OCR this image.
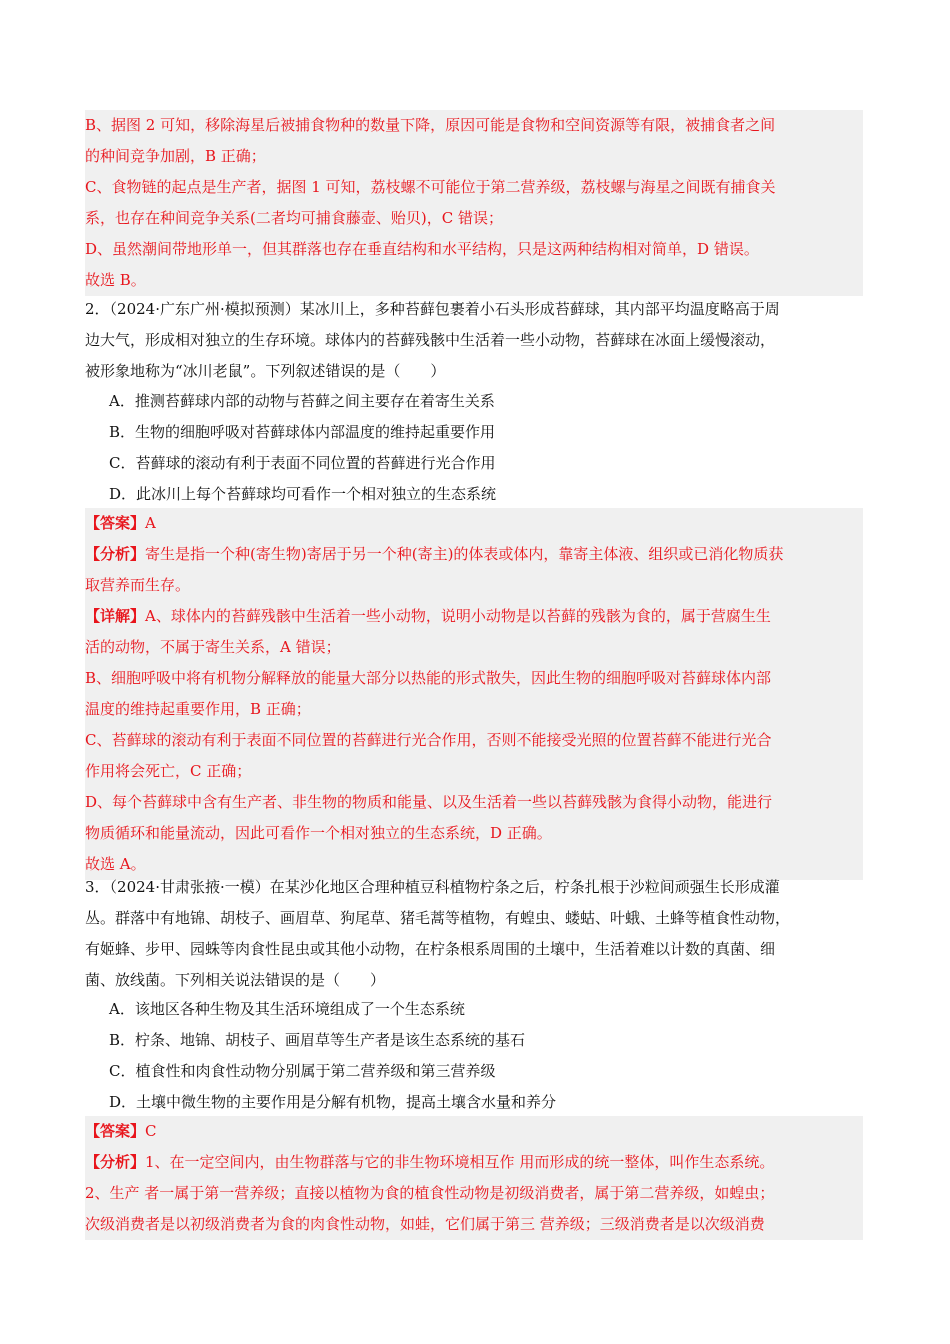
B、据图 2 可知，移除海星后被捕食物种的数量下降，原因可能是食物和空间资源等有限，被捕食者之间
的种间竞争加剧，B 正确；
C、食物链的起点是生产者，据图 1 可知，荔枝螺不可能位于第二营养级，荔枝螺与海星之间既有捕食关
系，也存在种间竞争关系(二者均可捕食藤壶、贻贝)，C 错误；
D、虽然潮间带地形单一，但其群落也存在垂直结构和水平结构，只是这两种结构相对简单，D 错误。
故选 B。
2．（2024·广东广州·模拟预测）某冰川上，多种苔藓包裹着小石头形成苔藓球，其内部平均温度略高于周
边大气，形成相对独立的生存环境。球体内的苔藓残骸中生活着一些小动物，苔藓球在冰面上缓慢滚动，
被形象地称为“冰川老鼠”。下列叙述错误的是（　　）
A．推测苔藓球内部的动物与苔藓之间主要存在着寄生关系
B．生物的细胞呼吸对苔藓球体内部温度的维持起重要作用
C．苔藓球的滚动有利于表面不同位置的苔藓进行光合作用
D．此冰川上每个苔藓球均可看作一个相对独立的生态系统
【答案】A
【分析】寄生是指一个种(寄生物)寄居于另一个种(寄主)的体表或体内，靠寄主体液、组织或已消化物质获
取营养而生存。
【详解】A、球体内的苔藓残骸中生活着一些小动物，说明小动物是以苔藓的残骸为食的，属于营腐生生
活的动物，不属于寄生关系，A 错误；
B、细胞呼吸中将有机物分解释放的能量大部分以热能的形式散失，因此生物的细胞呼吸对苔藓球体内部
温度的维持起重要作用，B 正确；
C、苔藓球的滚动有利于表面不同位置的苔藓进行光合作用，否则不能接受光照的位置苔藓不能进行光合
作用将会死亡，C 正确；
D、每个苔藓球中含有生产者、非生物的物质和能量、以及生活着一些以苔藓残骸为食得小动物，能进行
物质循环和能量流动，因此可看作一个相对独立的生态系统，D 正确。
故选 A。
3．（2024·甘肃张掖·一模）在某沙化地区合理种植豆科植物柠条之后，柠条扎根于沙粒间顽强生长形成灌
丛。群落中有地锦、胡枝子、画眉草、狗尾草、猪毛蒿等植物，有蝗虫、蝼蛄、叶蛾、土蜂等植食性动物，
有姬蜂、步甲、园蛛等肉食性昆虫或其他小动物，在柠条根系周围的土壤中，生活着难以计数的真菌、细
菌、放线菌。下列相关说法错误的是（　　）
A．该地区各种生物及其生活环境组成了一个生态系统
B．柠条、地锦、胡枝子、画眉草等生产者是该生态系统的基石
C．植食性和肉食性动物分别属于第二营养级和第三营养级
D．土壤中微生物的主要作用是分解有机物，提高土壤含水量和养分
【答案】C
【分析】1、在一定空间内，由生物群落与它的非生物环境相互作 用而形成的统一整体，叫作生态系统。
2、生产 者一属于第一营养级；直接以植物为食的植食性动物是初级消费者，属于第二营养级，如蝗虫；
次级消费者是以初级消费者为食的肉食性动物，如蛙，它们属于第三 营养级；三级消费者是以次级消费
